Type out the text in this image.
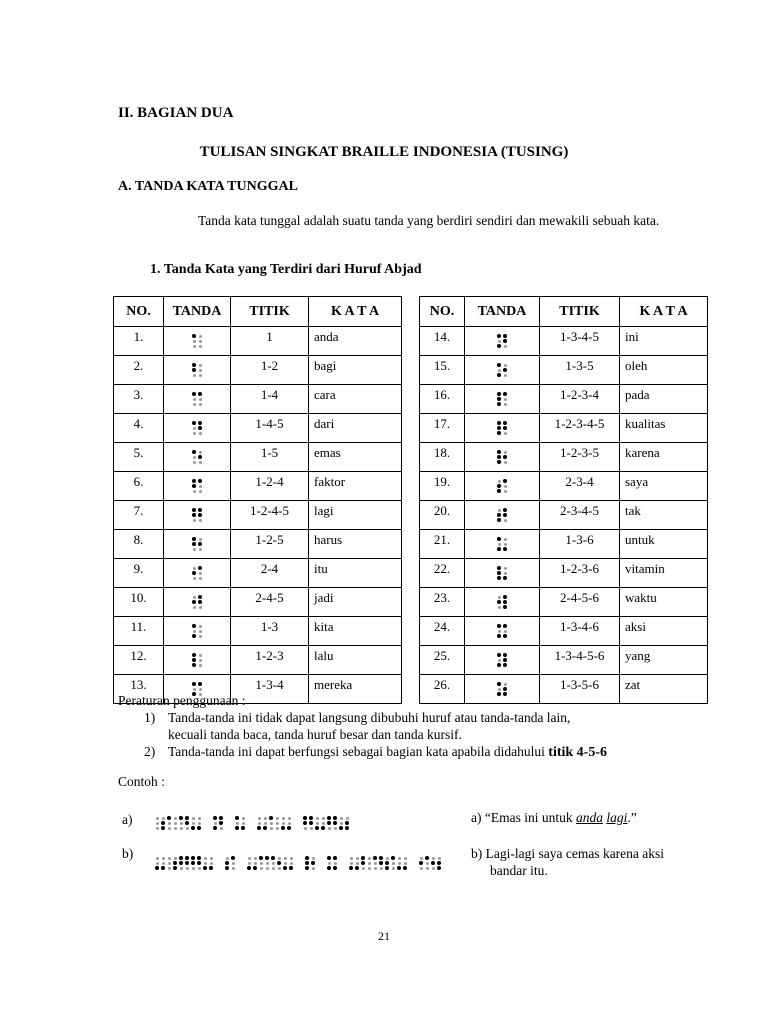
II. BAGIAN DUA
TULISAN SINGKAT BRAILLE INDONESIA (TUSING)
A. TANDA KATA TUNGGAL
Tanda kata tunggal adalah suatu tanda yang berdiri sendiri dan mewakili sebuah kata.
1. Tanda Kata yang Terdiri dari Huruf Abjad
NO.	TANDA	TITIK	K A T A
1.		1	anda
2.		1-2	bagi
3.		1-4	cara
4.		1-4-5	dari
5.		1-5	emas
6.		1-2-4	faktor
7.		1-2-4-5	lagi
8.		1-2-5	harus
9.		2-4	itu
10.		2-4-5	jadi
11.		1-3	kita
12.		1-2-3	lalu
13.		1-3-4	mereka
NO.	TANDA	TITIK	K A T A
14.		1-3-4-5	ini
15.		1-3-5	oleh
16.		1-2-3-4	pada
17.		1-2-3-4-5	kualitas
18.		1-2-3-5	karena
19.		2-3-4	saya
20.		2-3-4-5	tak
21.		1-3-6	untuk
22.		1-2-3-6	vitamin
23.		2-4-5-6	waktu
24.		1-3-4-6	aksi
25.		1-3-4-5-6	yang
26.		1-3-5-6	zat
Peraturan penggunaan :
1) Tanda-tanda ini tidak dapat langsung dibubuhi huruf atau tanda-tanda lain,
kecuali tanda baca, tanda huruf besar dan tanda kursif.
2) Tanda-tanda ini dapat berfungsi sebagai bagian kata apabila didahului titik 4-5-6
Contoh :
a)	a) “Emas ini untuk anda lagi.”
b)	b) Lagi-lagi saya cemas karena aksi
bandar itu.
21
